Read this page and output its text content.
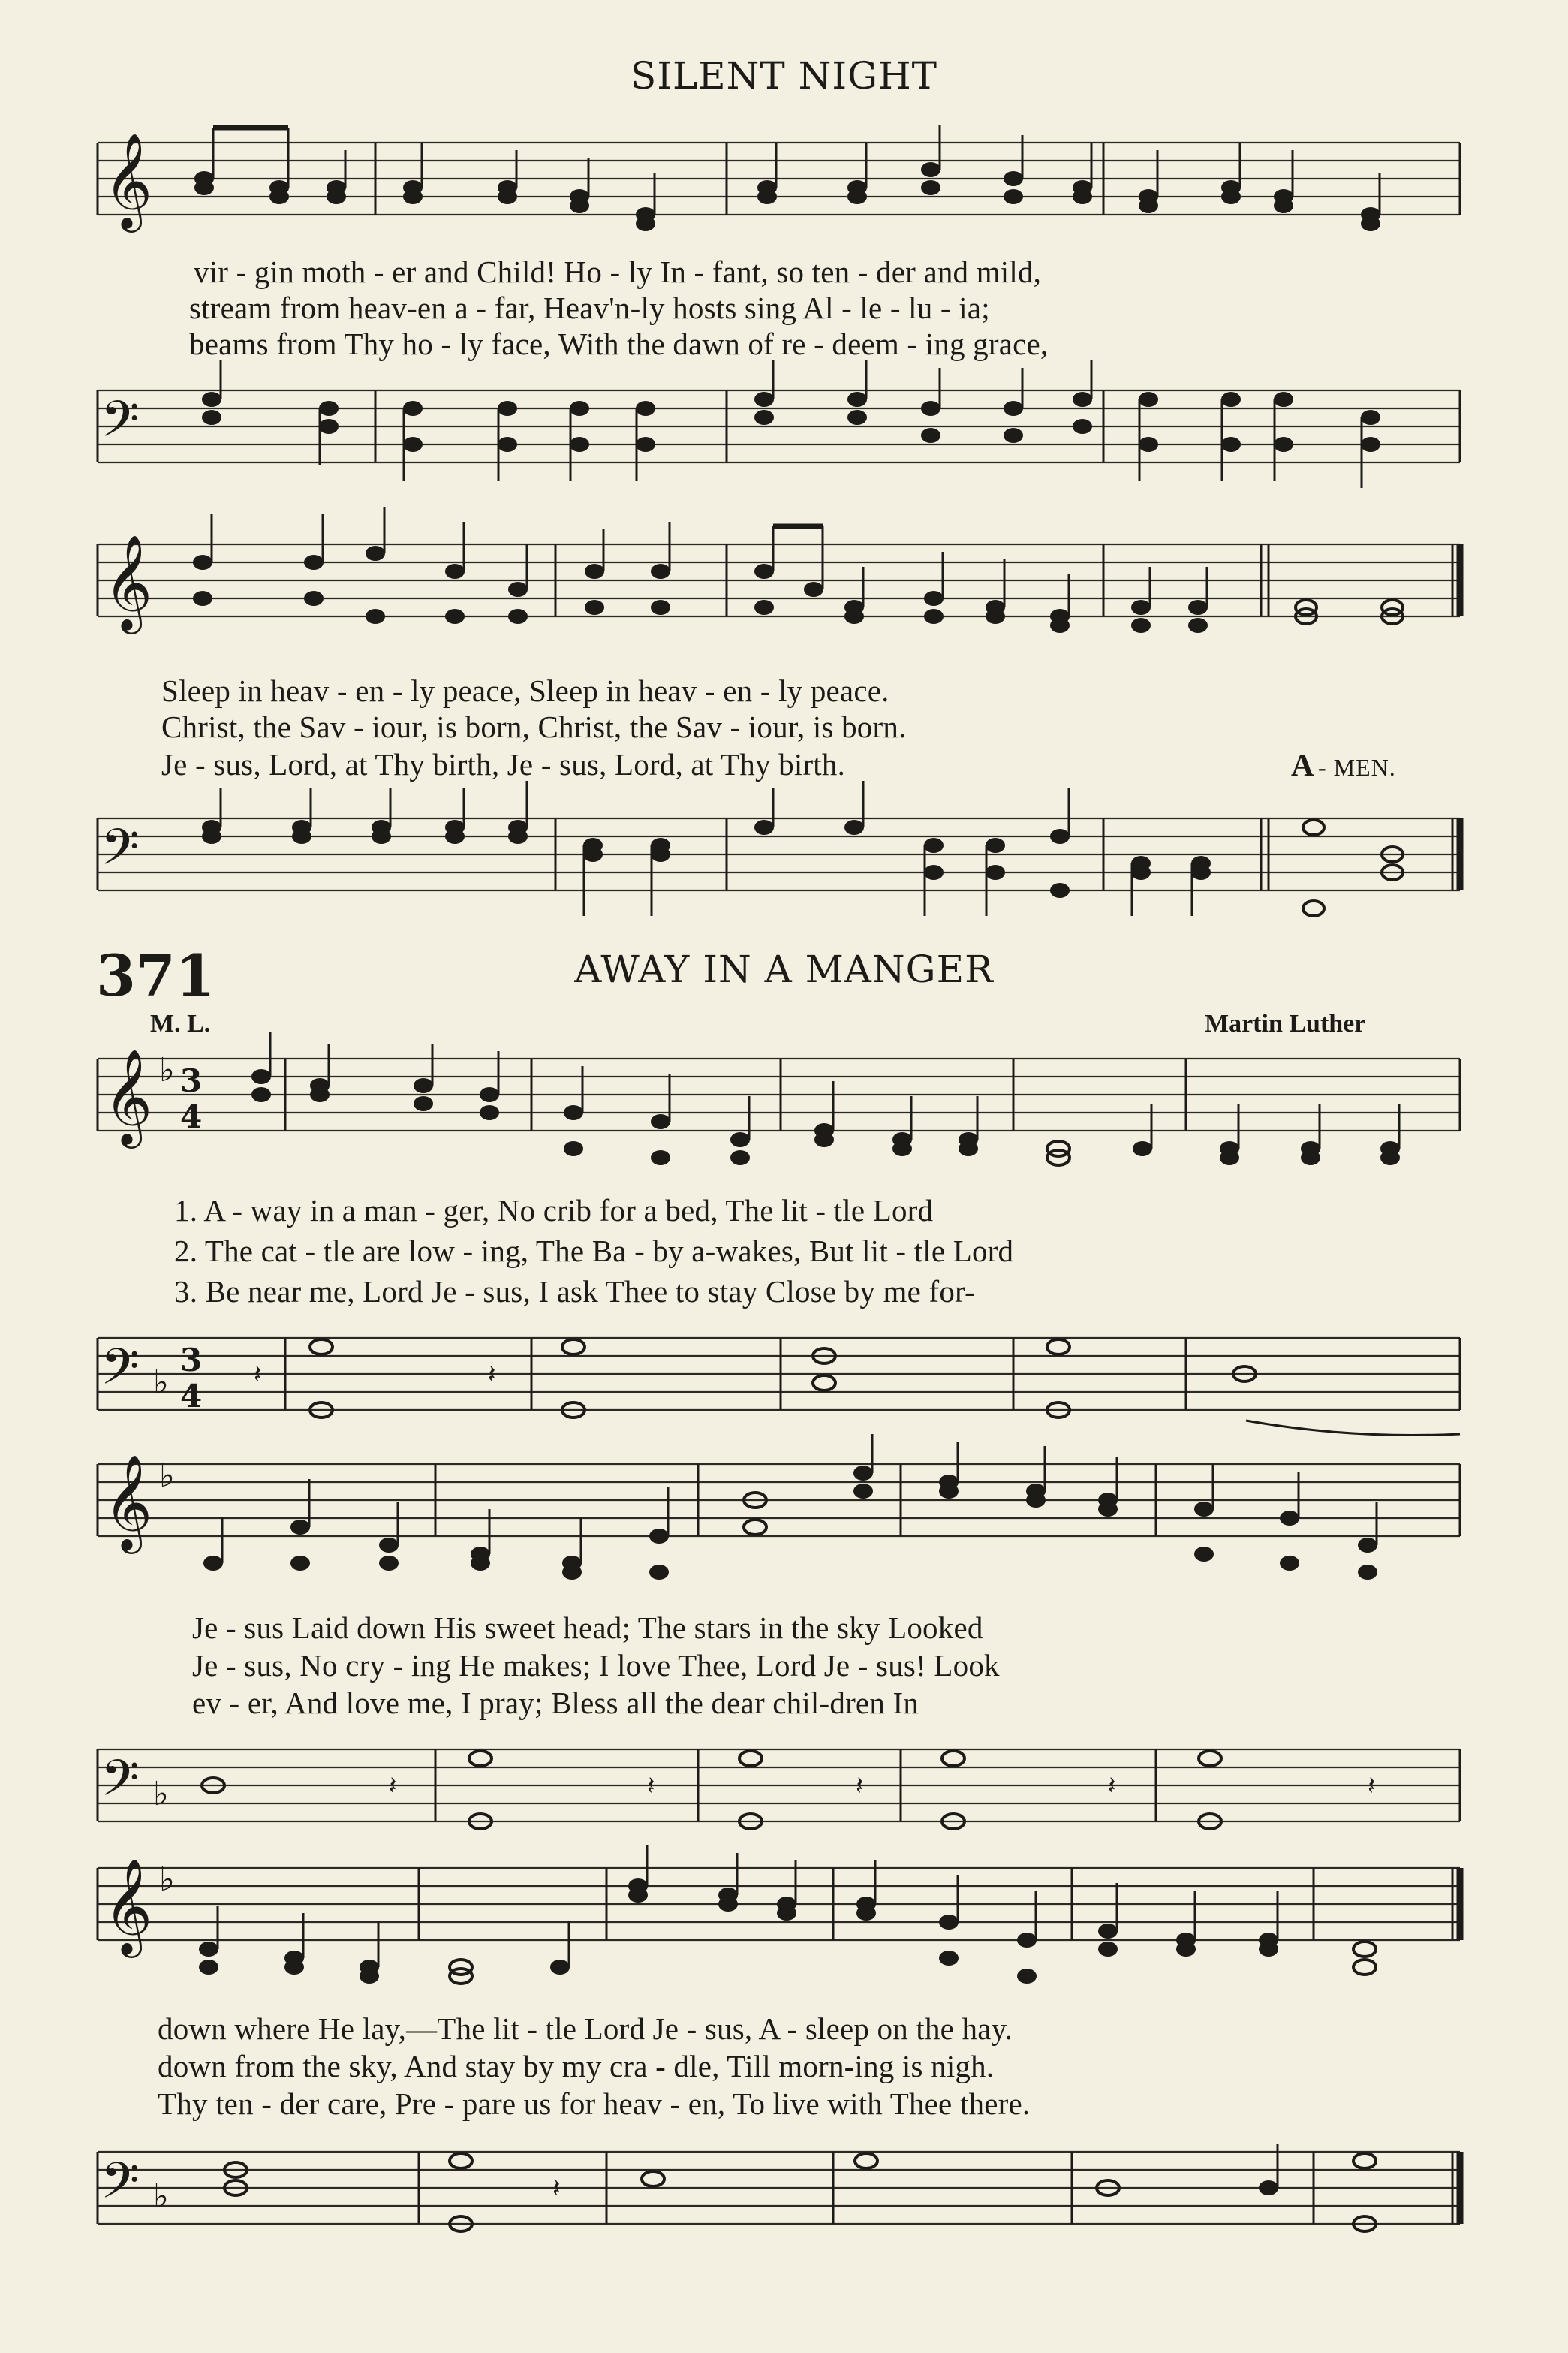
SILENT NIGHT
𝄞
vir - gin moth - er and Child! Ho - ly In - fant, so ten - der and mild,
stream from heav-en a - far, Heav'n-ly hosts sing Al - le - lu - ia;
beams from Thy ho - ly face, With the dawn of re - deem - ing grace,
𝄢
𝄞
Sleep in heav - en - ly peace, Sleep in heav - en - ly peace.
Christ, the Sav - iour, is born, Christ, the Sav - iour, is born.
Je - sus, Lord, at Thy birth, Je - sus, Lord, at Thy birth.	A - MEN.
𝄢
371	AWAY IN A MANGER
M. L.	Martin Luther
𝄞 ♭ 3
4
1. A - way in a man - ger, No crib for a bed, The lit - tle Lord
2. The cat - tle are low - ing, The Ba - by a-wakes, But lit - tle Lord
3. Be near me, Lord Je - sus, I ask Thee to stay Close by me for-
𝄢 ♭
3
4
𝄽	𝄽
𝄞 ♭
Je - sus Laid down His sweet head; The stars in the sky Looked
Je - sus, No cry - ing He makes; I love Thee, Lord Je - sus! Look
ev - er, And love me, I pray; Bless all the dear chil-dren In
𝄢 ♭	𝄽	𝄽	𝄽	𝄽	𝄽
𝄞 ♭
down where He lay,—The lit - tle Lord Je - sus, A - sleep on the hay.
down from the sky, And stay by my cra - dle, Till morn-ing is nigh.
Thy ten - der care, Pre - pare us for heav - en, To live with Thee there.
𝄢 ♭	𝄽
